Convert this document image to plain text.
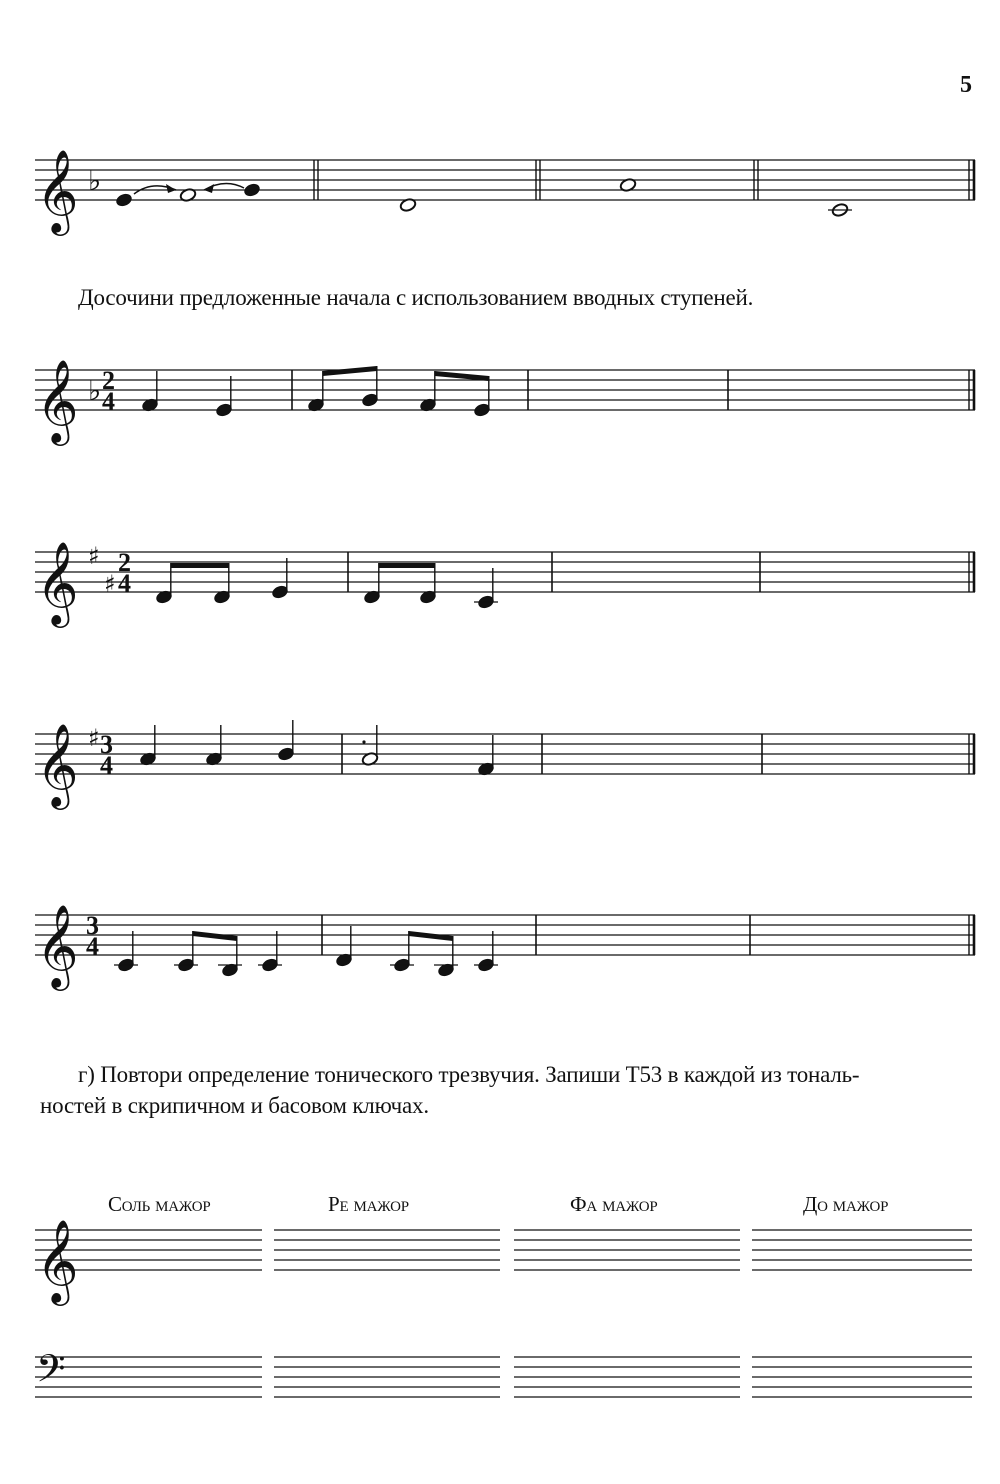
𝄞 ♭
𝄞 ♭ 2
4
𝄞 ♯
♯
2
4
𝄞 ♯ 3
4
𝄞 3
4
𝄞
𝄢
5
Досочини предложенные начала с использованием вводных ступеней.
г) Повтори определение тонического трезвучия. Запиши T53 в каждой из тональ-
ностей в скрипичном и басовом ключах.
Соль мажор	Ре мажор	Фа мажор	До мажор
